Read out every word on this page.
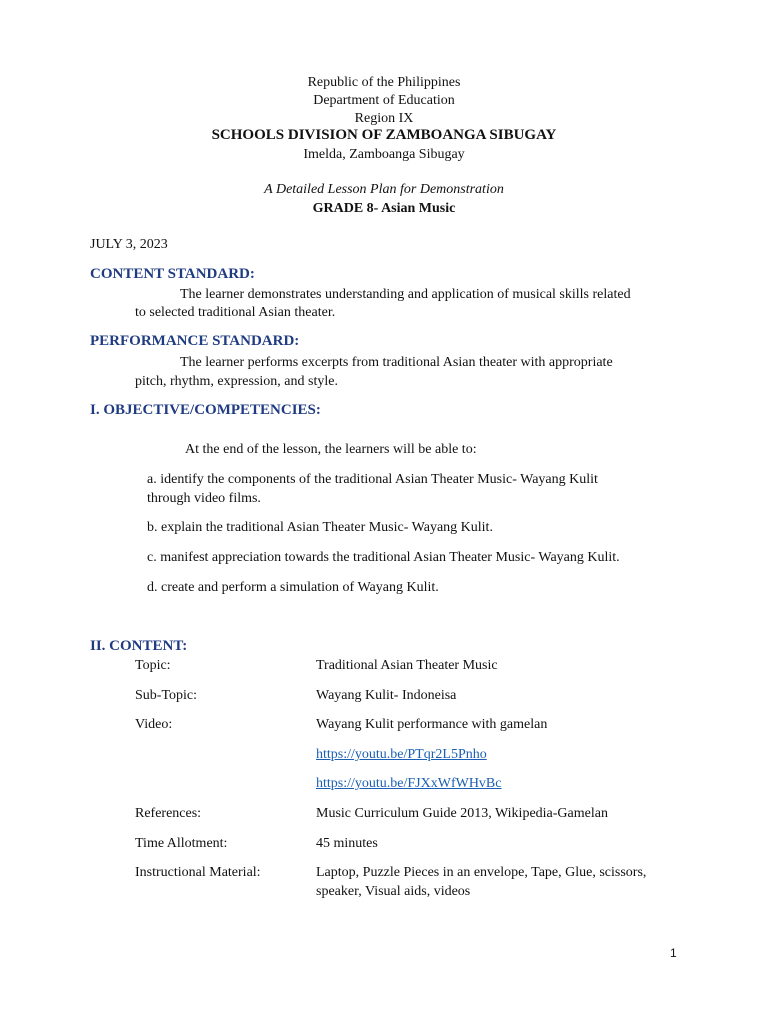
Republic of the Philippines
Department of Education
Region IX
SCHOOLS DIVISION OF ZAMBOANGA SIBUGAY
Imelda, Zamboanga Sibugay
A Detailed Lesson Plan for Demonstration
GRADE 8- Asian Music
JULY 3, 2023
CONTENT STANDARD:
The learner demonstrates understanding and application of musical skills related
to selected traditional Asian theater.
PERFORMANCE STANDARD:
The learner performs excerpts from traditional Asian theater with appropriate
pitch, rhythm, expression, and style.
I. OBJECTIVE/COMPETENCIES:
At the end of the lesson, the learners will be able to:
a. identify the components of the traditional Asian Theater Music- Wayang Kulit
through video films.
b. explain the traditional Asian Theater Music- Wayang Kulit.
c. manifest appreciation towards the traditional Asian Theater Music- Wayang Kulit.
d. create and perform a simulation of Wayang Kulit.
II. CONTENT:
Topic:	Traditional Asian Theater Music
Sub-Topic:	Wayang Kulit- Indoneisa
Video:	Wayang Kulit performance with gamelan
https://youtu.be/PTqr2L5Pnho
https://youtu.be/FJXxWfWHvBc
References:	Music Curriculum Guide 2013, Wikipedia-Gamelan
Time Allotment:	45 minutes
Instructional Material:	Laptop, Puzzle Pieces in an envelope, Tape, Glue, scissors,
speaker, Visual aids, videos
1
